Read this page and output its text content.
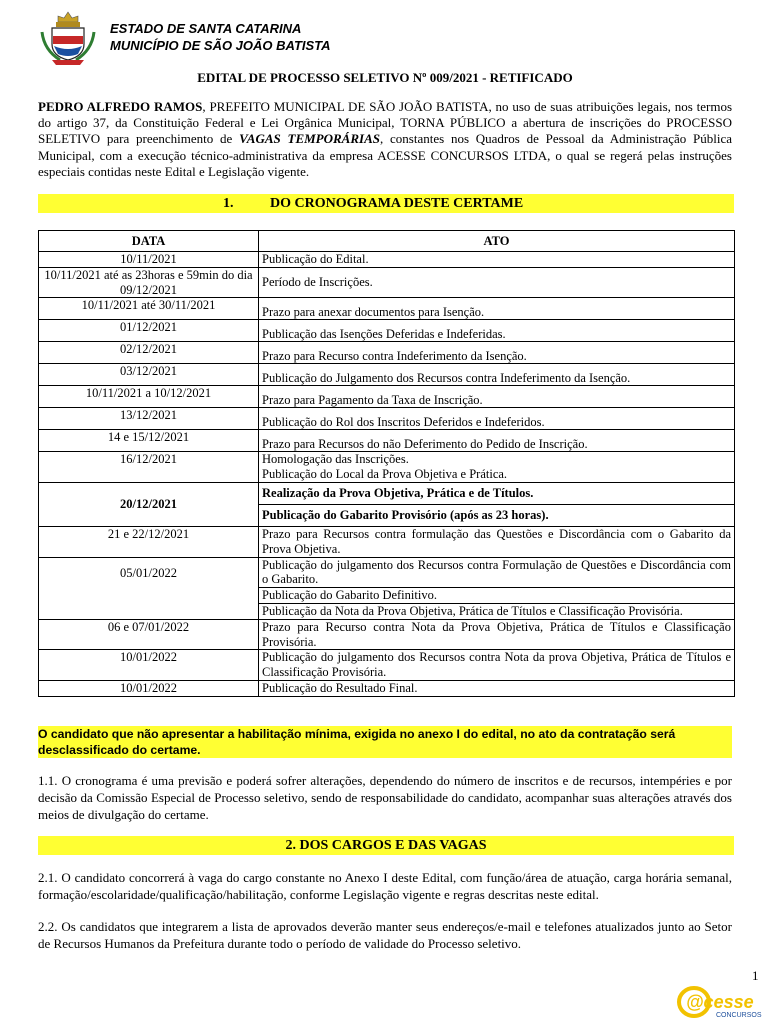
ESTADO DE SANTA CATARINA
MUNICÍPIO DE SÃO JOÃO BATISTA
EDITAL DE PROCESSO SELETIVO Nº 009/2021 - RETIFICADO
PEDRO ALFREDO RAMOS, PREFEITO MUNICIPAL DE SÃO JOÃO BATISTA, no uso de suas atribuições legais, nos termos do artigo 37, da Constituição Federal e Lei Orgânica Municipal, TORNA PÚBLICO a abertura de inscrições do PROCESSO SELETIVO para preenchimento de VAGAS TEMPORÁRIAS, constantes nos Quadros de Pessoal da Administração Pública Municipal, com a execução técnico-administrativa da empresa ACESSE CONCURSOS LTDA, o qual se regerá pelas instruções especiais contidas neste Edital e Legislação vigente.
1.	DO CRONOGRAMA DESTE CERTAME
DATA	ATO
10/11/2021	Publicação do Edital.
10/11/2021 até as 23horas e 59min do dia 09/12/2021	Período de Inscrições.
10/11/2021 até 30/11/2021	Prazo para anexar documentos para Isenção.
01/12/2021	Publicação das Isenções Deferidas e Indeferidas.
02/12/2021	Prazo para Recurso contra Indeferimento da Isenção.
03/12/2021	Publicação do Julgamento dos Recursos contra Indeferimento da Isenção.
10/11/2021 a 10/12/2021	Prazo para Pagamento da Taxa de Inscrição.
13/12/2021	Publicação do Rol dos Inscritos Deferidos e Indeferidos.
14 e 15/12/2021	Prazo para Recursos do não Deferimento do Pedido de Inscrição.
16/12/2021	Homologação das Inscrições.
Publicação do Local da Prova Objetiva e Prática.

20/12/2021	Realização da Prova Objetiva, Prática e de Títulos.
	Publicação do Gabarito Provisório (após as 23 horas).
21 e 22/12/2021	Prazo para Recursos contra formulação das Questões e Discordância com o Gabarito da Prova Objetiva.
05/01/2022	Publicação do julgamento dos Recursos contra Formulação de Questões e Discordância com o Gabarito.
	Publicação do Gabarito Definitivo.
	Publicação da Nota da Prova Objetiva, Prática de Títulos e Classificação Provisória.
06 e 07/01/2022	Prazo para Recurso contra Nota da Prova Objetiva, Prática de Títulos e Classificação Provisória.
10/01/2022	Publicação do julgamento dos Recursos contra Nota da prova Objetiva, Prática de Títulos e Classificação Provisória.
10/01/2022	Publicação do Resultado Final.
O candidato que não apresentar a habilitação mínima, exigida no anexo I do edital, no ato da contratação será desclassificado do certame.
1.1. O cronograma é uma previsão e poderá sofrer alterações, dependendo do número de inscritos e de recursos, intempéries e por decisão da Comissão Especial de Processo seletivo, sendo de responsabilidade do candidato, acompanhar suas alterações através dos meios de divulgação do certame.
2. DOS CARGOS E DAS VAGAS
2.1. O candidato concorrerá à vaga do cargo constante no Anexo I deste Edital, com função/área de atuação, carga horária semanal, formação/escolaridade/qualificação/habilitação, conforme Legislação vigente e regras descritas neste edital.
2.2. Os candidatos que integrarem a lista de aprovados deverão manter seus endereços/e-mail e telefones atualizados junto ao Setor de Recursos Humanos da Prefeitura durante todo o período de validade do Processo seletivo.
1
@cesse
CONCURSOS
